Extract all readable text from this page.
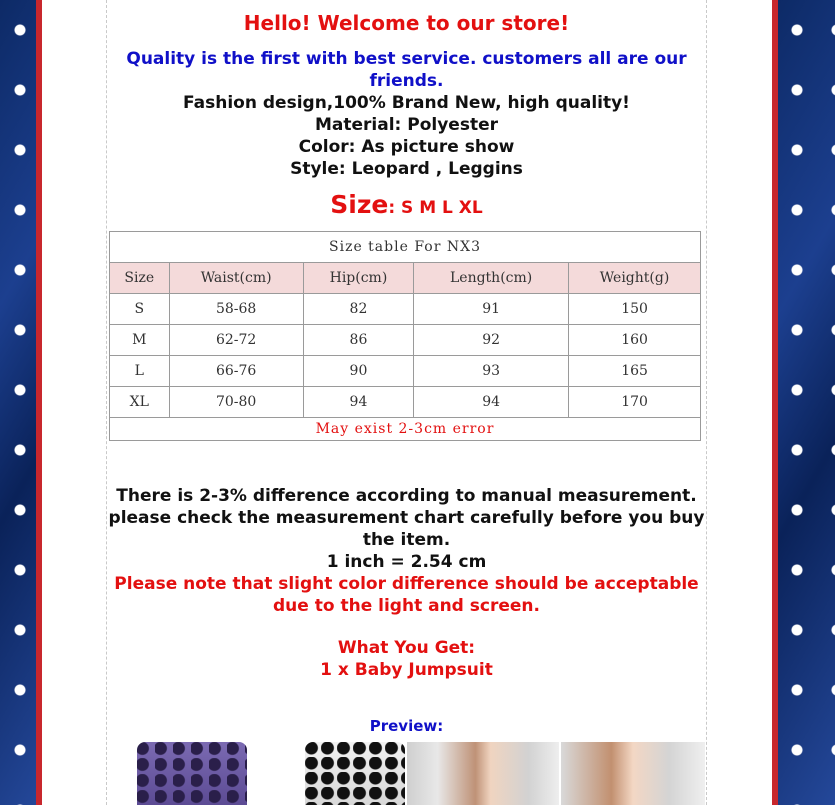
Hello! Welcome to our store!

Quality is the first with best service. customers all are our friends.

Fashion design,100% Brand New, high quality!

Material: Polyester

Color: As picture show

Style: Leopard , Leggins

Size: S M L XL
Size table For NX3				
Size	Waist(cm)	Hip(cm)	Length(cm)	Weight(g)
S	58-68	82	91	150
M	62-72	86	92	160
L	66-76	90	93	165
XL	70-80	94	94	170
May exist 2-3cm error				

There is 2-3% difference according to manual measurement.

please check the measurement chart carefully before you buy the item.

1 inch = 2.54 cm

Please note that slight color difference should be acceptable due to the light and screen.

What You Get:

1 x Baby Jumpsuit

Preview:
